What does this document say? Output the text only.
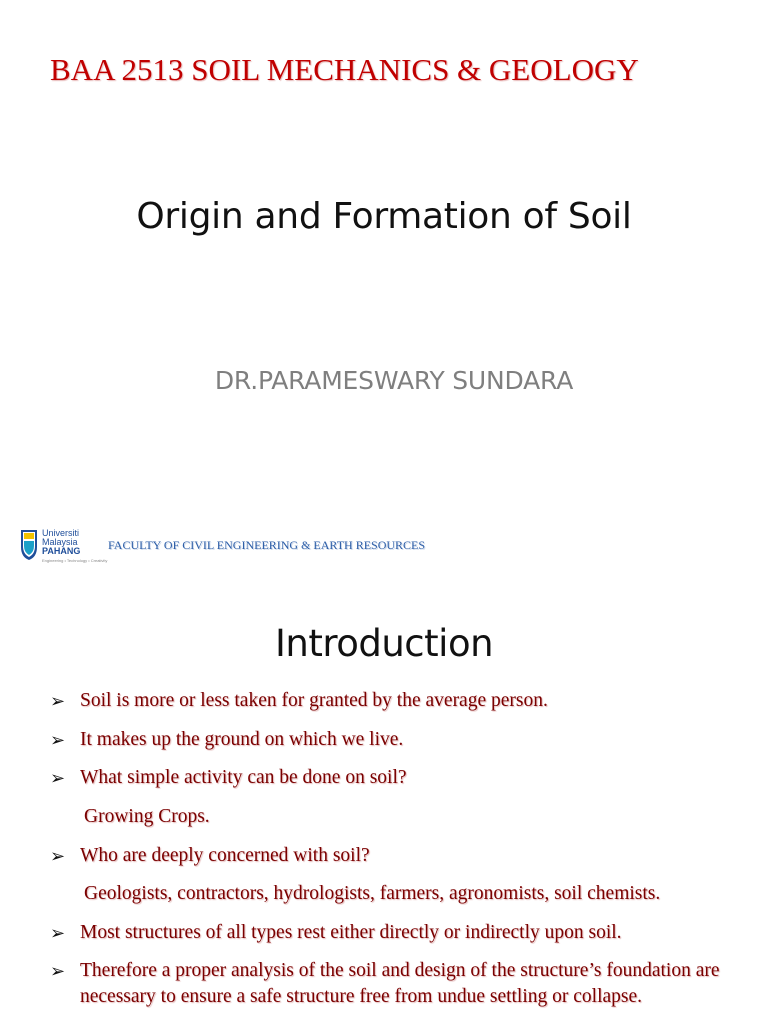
BAA 2513 SOIL MECHANICS & GEOLOGY
Origin and Formation of Soil
DR.PARAMESWARY SUNDARA
Universiti
Malaysia
PAHANG
Engineering • Technology • Creativity
FACULTY OF CIVIL ENGINEERING & EARTH RESOURCES
Introduction
➢ Soil is more or less taken for granted by the average person.
➢ It makes up the ground on which we live.
➢ What simple activity can be done on soil?
Growing Crops.
➢ Who are deeply concerned with soil?
Geologists, contractors, hydrologists, farmers, agronomists, soil chemists.
➢ Most structures of all types rest either directly or indirectly upon soil.
➢ Therefore a proper analysis of the soil and design of the structure’s foundation are necessary to ensure a safe structure free from undue settling or collapse.
